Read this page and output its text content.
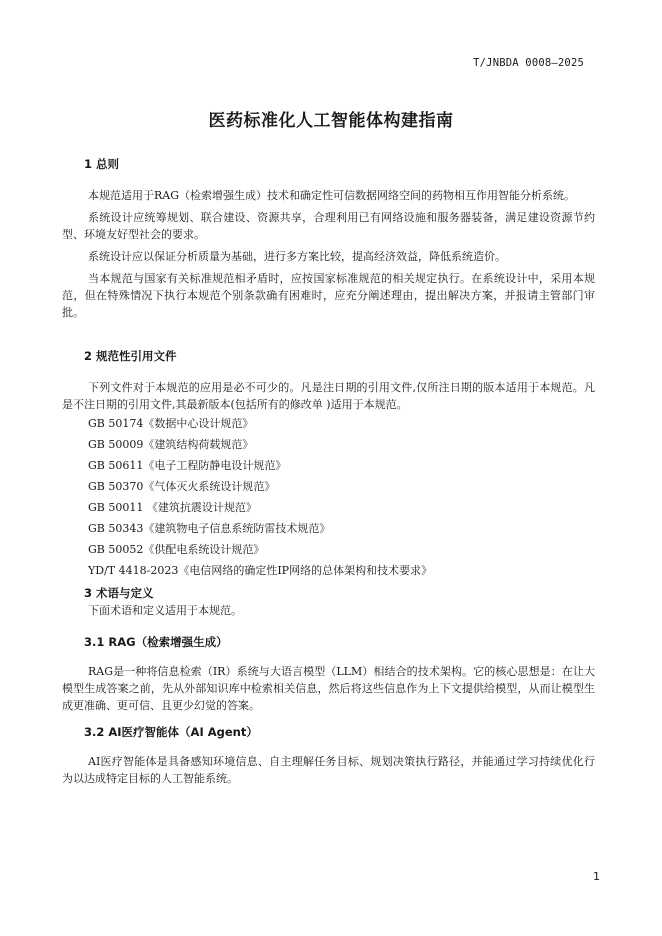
T/JNBDA 0008—2025
医药标准化人工智能体构建指南
1 总则

本规范适用于RAG（检索增强生成）技术和确定性可信数据网络空间的药物相互作用智能分析系统。

系统设计应统筹规划、联合建设、资源共享，合理利用已有网络设施和服务器装备，满足建设资源节约型、环境友好型社会的要求。

系统设计应以保证分析质量为基础，进行多方案比较，提高经济效益，降低系统造价。

当本规范与国家有关标准规范相矛盾时，应按国家标准规范的相关规定执行。在系统设计中，采用本规范，但在特殊情况下执行本规范个别条款确有困难时，应充分阐述理由，提出解决方案，并报请主管部门审批。

2 规范性引用文件

下列文件对于本规范的应用是必不可少的。凡是注日期的引用文件,仅所注日期的版本适用于本规范。凡是不注日期的引用文件,其最新版本(包括所有的修改单 )适用于本规范。

GB 50174《数据中心设计规范》

GB 50009《建筑结构荷载规范》

GB 50611《电子工程防静电设计规范》

GB 50370《气体灭火系统设计规范》

GB 50011 《建筑抗震设计规范》

GB 50343《建筑物电子信息系统防雷技术规范》

GB 50052《供配电系统设计规范》

YD/T 4418-2023《电信网络的确定性IP网络的总体架构和技术要求》

3 术语与定义

下面术语和定义适用于本规范。

3.1 RAG（检索增强生成）

RAG是一种将信息检索（IR）系统与大语言模型（LLM）相结合的技术架构。它的核心思想是：在让大模型生成答案之前，先从外部知识库中检索相关信息，然后将这些信息作为上下文提供给模型，从而让模型生成更准确、更可信、且更少幻觉的答案。

3.2 AI医疗智能体（AI Agent）

AI医疗智能体是具备感知环境信息、自主理解任务目标、规划决策执行路径，并能通过学习持续优化行为以达成特定目标的人工智能系统。

1
